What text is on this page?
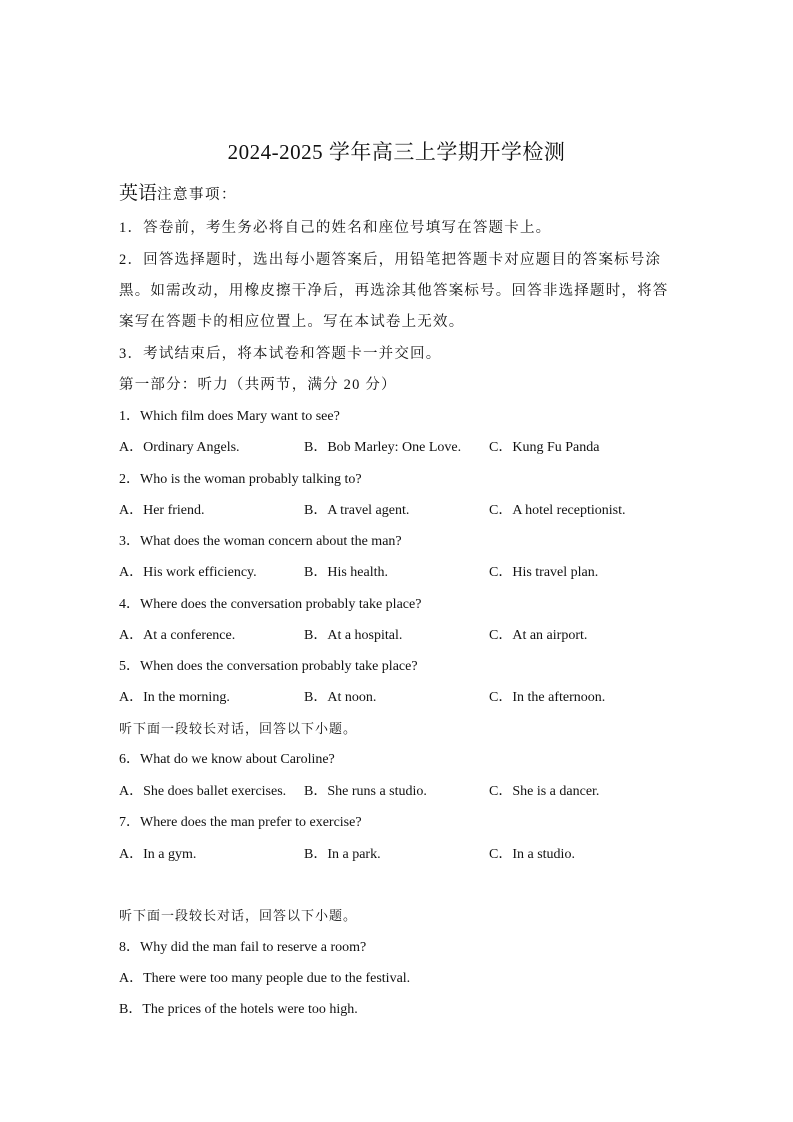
2024-2025 学年高三上学期开学检测
英语注意事项：
1．答卷前，考生务必将自己的姓名和座位号填写在答题卡上。
2．回答选择题时，选出每小题答案后，用铅笔把答题卡对应题目的答案标号涂
黑。如需改动，用橡皮擦干净后，再选涂其他答案标号。回答非选择题时，将答
案写在答题卡的相应位置上。写在本试卷上无效。
3．考试结束后，将本试卷和答题卡一并交回。
第一部分：听力（共两节，满分 20 分）
1．Which film does Mary want to see?
A．Ordinary Angels.	B．Bob Marley: One Love. C．Kung Fu Panda
2．Who is the woman probably talking to?
A．Her friend.	B．A travel agent.	C．A hotel receptionist.
3．What does the woman concern about the man?
A．His work efficiency.	B．His health.	C．His travel plan.
4．Where does the conversation probably take place?
A．At a conference.	B．At a hospital.	C．At an airport.
5．When does the conversation probably take place?
A．In the morning.	B．At noon.	C．In the afternoon.
听下面一段较长对话，回答以下小题。
6．What do we know about Caroline?
A．She does ballet exercises. B．She runs a studio.	C．She is a dancer.
7．Where does the man prefer to exercise?
A．In a gym.	B．In a park.	C．In a studio.
听下面一段较长对话，回答以下小题。
8．Why did the man fail to reserve a room?
A．There were too many people due to the festival.
B．The prices of the hotels were too high.
